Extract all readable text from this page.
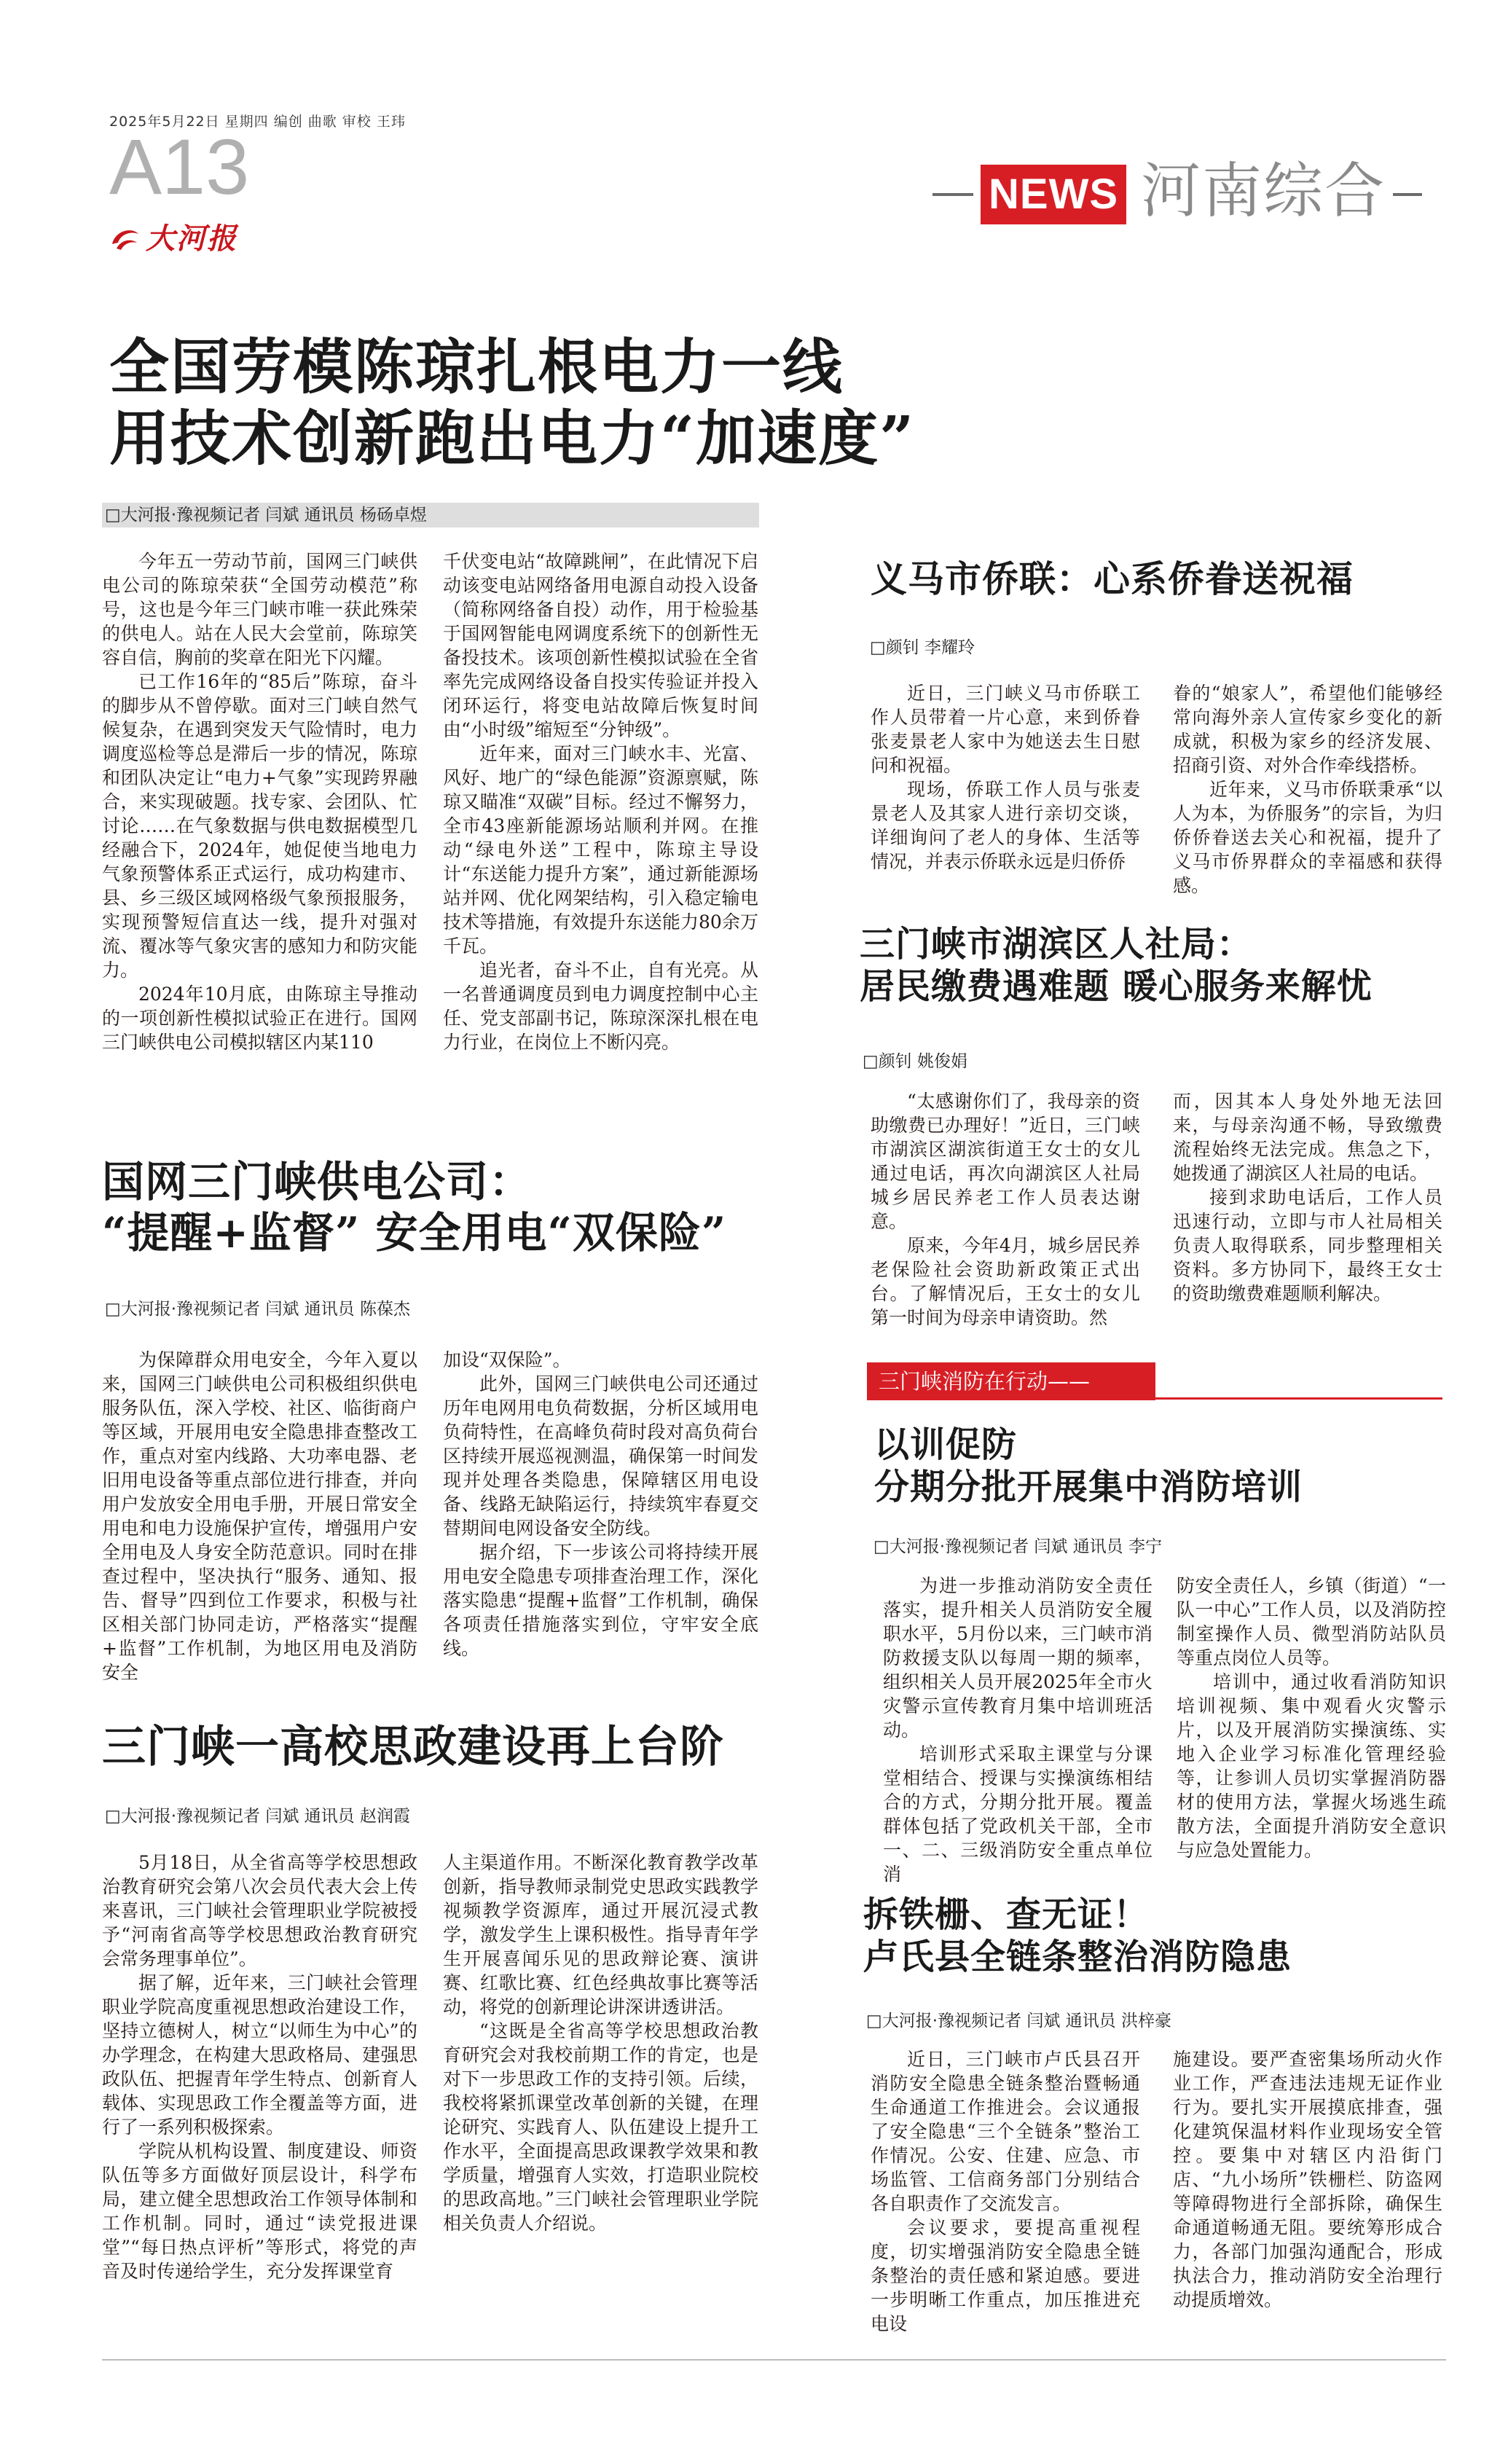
2025年5月22日 星期四 编创 曲歌 审校 王玮
A13
大河报
NEWS 河南综合
全国劳模陈琼扎根电力一线
用技术创新跑出电力“加速度”
□大河报·豫视频记者 闫斌 通讯员 杨砀卓煜

今年五一劳动节前，国网三门峡供电公司的陈琼荣获“全国劳动模范”称号，这也是今年三门峡市唯一获此殊荣的供电人。站在人民大会堂前，陈琼笑容自信，胸前的奖章在阳光下闪耀。

已工作16年的“85后”陈琼，奋斗的脚步从不曾停歇。面对三门峡自然气候复杂，在遇到突发天气险情时，电力调度巡检等总是滞后一步的情况，陈琼和团队决定让“电力+气象”实现跨界融合，来实现破题。找专家、会团队、忙讨论……在气象数据与供电数据模型几经融合下，2024年，她促使当地电力气象预警体系正式运行，成功构建市、县、乡三级区域网格级气象预报服务，实现预警短信直达一线，提升对强对流、覆冰等气象灾害的感知力和防灾能力。

2024年10月底，由陈琼主导推动的一项创新性模拟试验正在进行。国网三门峡供电公司模拟辖区内某110

千伏变电站“故障跳闸”，在此情况下启动该变电站网络备用电源自动投入设备（简称网络备自投）动作，用于检验基于国网智能电网调度系统下的创新性无备投技术。该项创新性模拟试验在全省率先完成网络设备自投实传验证并投入闭环运行，将变电站故障后恢复时间由“小时级”缩短至“分钟级”。

近年来，面对三门峡水丰、光富、风好、地广的“绿色能源”资源禀赋，陈琼又瞄准“双碳”目标。经过不懈努力，全市43座新能源场站顺利并网。在推动“绿电外送”工程中，陈琼主导设计“东送能力提升方案”，通过新能源场站并网、优化网架结构，引入稳定输电技术等措施，有效提升东送能力80余万千瓦。

追光者，奋斗不止，自有光亮。从一名普通调度员到电力调度控制中心主任、党支部副书记，陈琼深深扎根在电力行业，在岗位上不断闪亮。

国网三门峡供电公司：
“提醒+监督” 安全用电“双保险”
□大河报·豫视频记者 闫斌 通讯员 陈葆杰

为保障群众用电安全，今年入夏以来，国网三门峡供电公司积极组织供电服务队伍，深入学校、社区、临街商户等区域，开展用电安全隐患排查整改工作，重点对室内线路、大功率电器、老旧用电设备等重点部位进行排查，并向用户发放安全用电手册，开展日常安全用电和电力设施保护宣传，增强用户安全用电及人身安全防范意识。同时在排查过程中，坚决执行“服务、通知、报告、督导”四到位工作要求，积极与社区相关部门协同走访，严格落实“提醒+监督”工作机制，为地区用电及消防安全

加设“双保险”。

此外，国网三门峡供电公司还通过历年电网用电负荷数据，分析区域用电负荷特性，在高峰负荷时段对高负荷台区持续开展巡视测温，确保第一时间发现并处理各类隐患，保障辖区用电设备、线路无缺陷运行，持续筑牢春夏交替期间电网设备安全防线。

据介绍，下一步该公司将持续开展用电安全隐患专项排查治理工作，深化落实隐患“提醒+监督”工作机制，确保各项责任措施落实到位，守牢安全底线。

三门峡一高校思政建设再上台阶
□大河报·豫视频记者 闫斌 通讯员 赵润霞

5月18日，从全省高等学校思想政治教育研究会第八次会员代表大会上传来喜讯，三门峡社会管理职业学院被授予“河南省高等学校思想政治教育研究会常务理事单位”。

据了解，近年来，三门峡社会管理职业学院高度重视思想政治建设工作，坚持立德树人，树立“以师生为中心”的办学理念，在构建大思政格局、建强思政队伍、把握青年学生特点、创新育人载体、实现思政工作全覆盖等方面，进行了一系列积极探索。

学院从机构设置、制度建设、师资队伍等多方面做好顶层设计，科学布局，建立健全思想政治工作领导体制和工作机制。同时，通过“读党报进课堂”“每日热点评析”等形式，将党的声音及时传递给学生，充分发挥课堂育

人主渠道作用。不断深化教育教学改革创新，指导教师录制党史思政实践教学视频教学资源库，通过开展沉浸式教学，激发学生上课积极性。指导青年学生开展喜闻乐见的思政辩论赛、演讲赛、红歌比赛、红色经典故事比赛等活动，将党的创新理论讲深讲透讲活。

“这既是全省高等学校思想政治教育研究会对我校前期工作的肯定，也是对下一步思政工作的支持引领。后续，我校将紧抓课堂改革创新的关键，在理论研究、实践育人、队伍建设上提升工作水平，全面提高思政课教学效果和教学质量，增强育人实效，打造职业院校的思政高地。”三门峡社会管理职业学院相关负责人介绍说。

义马市侨联：心系侨眷送祝福
□颜钊 李耀玲

近日，三门峡义马市侨联工作人员带着一片心意，来到侨眷张麦景老人家中为她送去生日慰问和祝福。

现场，侨联工作人员与张麦景老人及其家人进行亲切交谈，详细询问了老人的身体、生活等情况，并表示侨联永远是归侨侨

眷的“娘家人”，希望他们能够经常向海外亲人宣传家乡变化的新成就，积极为家乡的经济发展、招商引资、对外合作牵线搭桥。

近年来，义马市侨联秉承“以人为本，为侨服务”的宗旨，为归侨侨眷送去关心和祝福，提升了义马市侨界群众的幸福感和获得感。

三门峡市湖滨区人社局：
居民缴费遇难题 暖心服务来解忧
□颜钊 姚俊娟

“太感谢你们了，我母亲的资助缴费已办理好！”近日，三门峡市湖滨区湖滨街道王女士的女儿通过电话，再次向湖滨区人社局城乡居民养老工作人员表达谢意。

原来，今年4月，城乡居民养老保险社会资助新政策正式出台。了解情况后，王女士的女儿第一时间为母亲申请资助。然

而，因其本人身处外地无法回来，与母亲沟通不畅，导致缴费流程始终无法完成。焦急之下，她拨通了湖滨区人社局的电话。

接到求助电话后，工作人员迅速行动，立即与市人社局相关负责人取得联系，同步整理相关资料。多方协同下，最终王女士的资助缴费难题顺利解决。

三门峡消防在行动——
以训促防
分期分批开展集中消防培训
□大河报·豫视频记者 闫斌 通讯员 李宁

为进一步推动消防安全责任落实，提升相关人员消防安全履职水平，5月份以来，三门峡市消防救援支队以每周一期的频率，组织相关人员开展2025年全市火灾警示宣传教育月集中培训班活动。

培训形式采取主课堂与分课堂相结合、授课与实操演练相结合的方式，分期分批开展。覆盖群体包括了党政机关干部，全市一、二、三级消防安全重点单位消

防安全责任人，乡镇（街道）“一队一中心”工作人员，以及消防控制室操作人员、微型消防站队员等重点岗位人员等。

培训中，通过收看消防知识培训视频、集中观看火灾警示片，以及开展消防实操演练、实地入企业学习标准化管理经验等，让参训人员切实掌握消防器材的使用方法，掌握火场逃生疏散方法，全面提升消防安全意识与应急处置能力。

拆铁栅、查无证！
卢氏县全链条整治消防隐患
□大河报·豫视频记者 闫斌 通讯员 洪梓豪

近日，三门峡市卢氏县召开消防安全隐患全链条整治暨畅通生命通道工作推进会。会议通报了安全隐患“三个全链条”整治工作情况。公安、住建、应急、市场监管、工信商务部门分别结合各自职责作了交流发言。

会议要求，要提高重视程度，切实增强消防安全隐患全链条整治的责任感和紧迫感。要进一步明晰工作重点，加压推进充电设

施建设。要严查密集场所动火作业工作，严查违法违规无证作业行为。要扎实开展摸底排查，强化建筑保温材料作业现场安全管控。要集中对辖区内沿街门店、“九小场所”铁栅栏、防盗网等障碍物进行全部拆除，确保生命通道畅通无阻。要统筹形成合力，各部门加强沟通配合，形成执法合力，推动消防安全治理行动提质增效。
